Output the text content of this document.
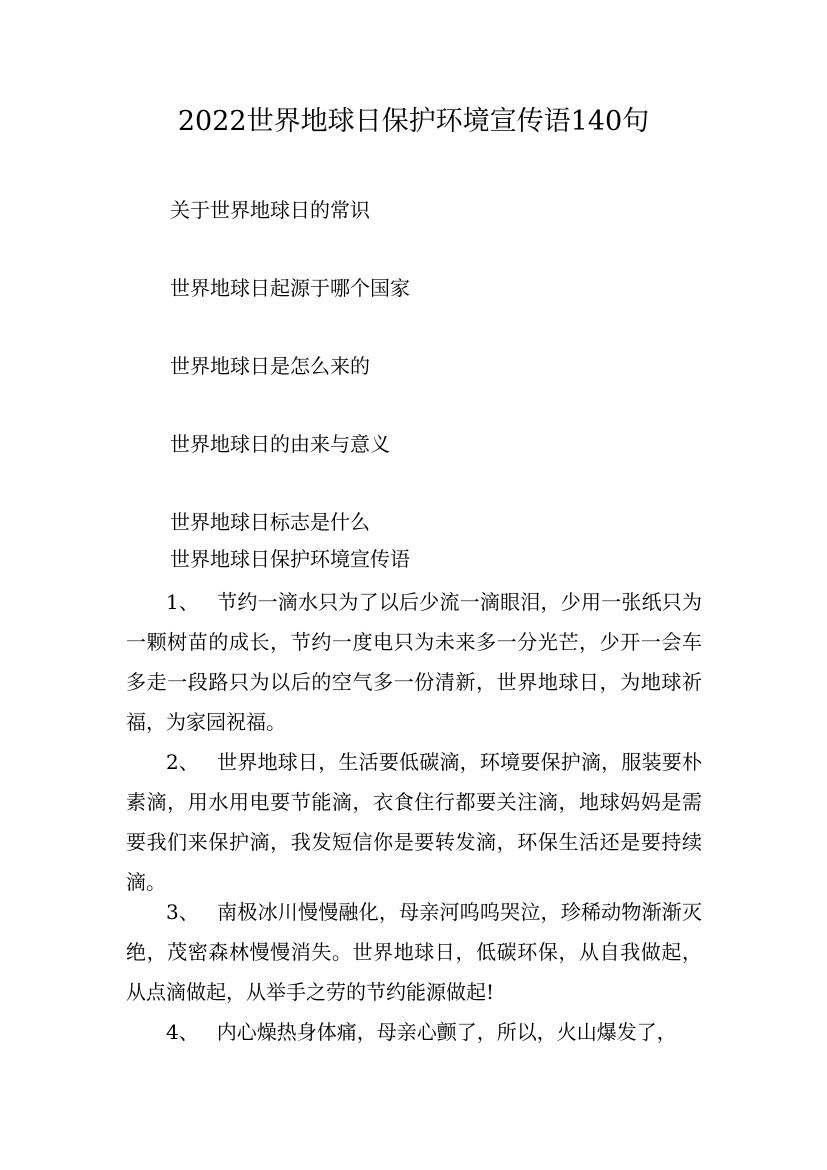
2022世界地球日保护环境宣传语140句

关于世界地球日的常识

世界地球日起源于哪个国家

世界地球日是怎么来的

世界地球日的由来与意义

世界地球日标志是什么

世界地球日保护环境宣传语

1、 节约一滴水只为了以后少流一滴眼泪，少用一张纸只为一颗树苗的成长，节约一度电只为未来多一分光芒，少开一会车多走一段路只为以后的空气多一份清新，世界地球日，为地球祈福，为家园祝福。

2、 世界地球日，生活要低碳滴，环境要保护滴，服装要朴素滴，用水用电要节能滴，衣食住行都要关注滴，地球妈妈是需要我们来保护滴，我发短信你是要转发滴，环保生活还是要持续滴。

3、 南极冰川慢慢融化，母亲河呜呜哭泣，珍稀动物渐渐灭绝，茂密森林慢慢消失。世界地球日，低碳环保，从自我做起，从点滴做起，从举手之劳的节约能源做起!

4、 内心燥热身体痛，母亲心颤了，所以，火山爆发了，
